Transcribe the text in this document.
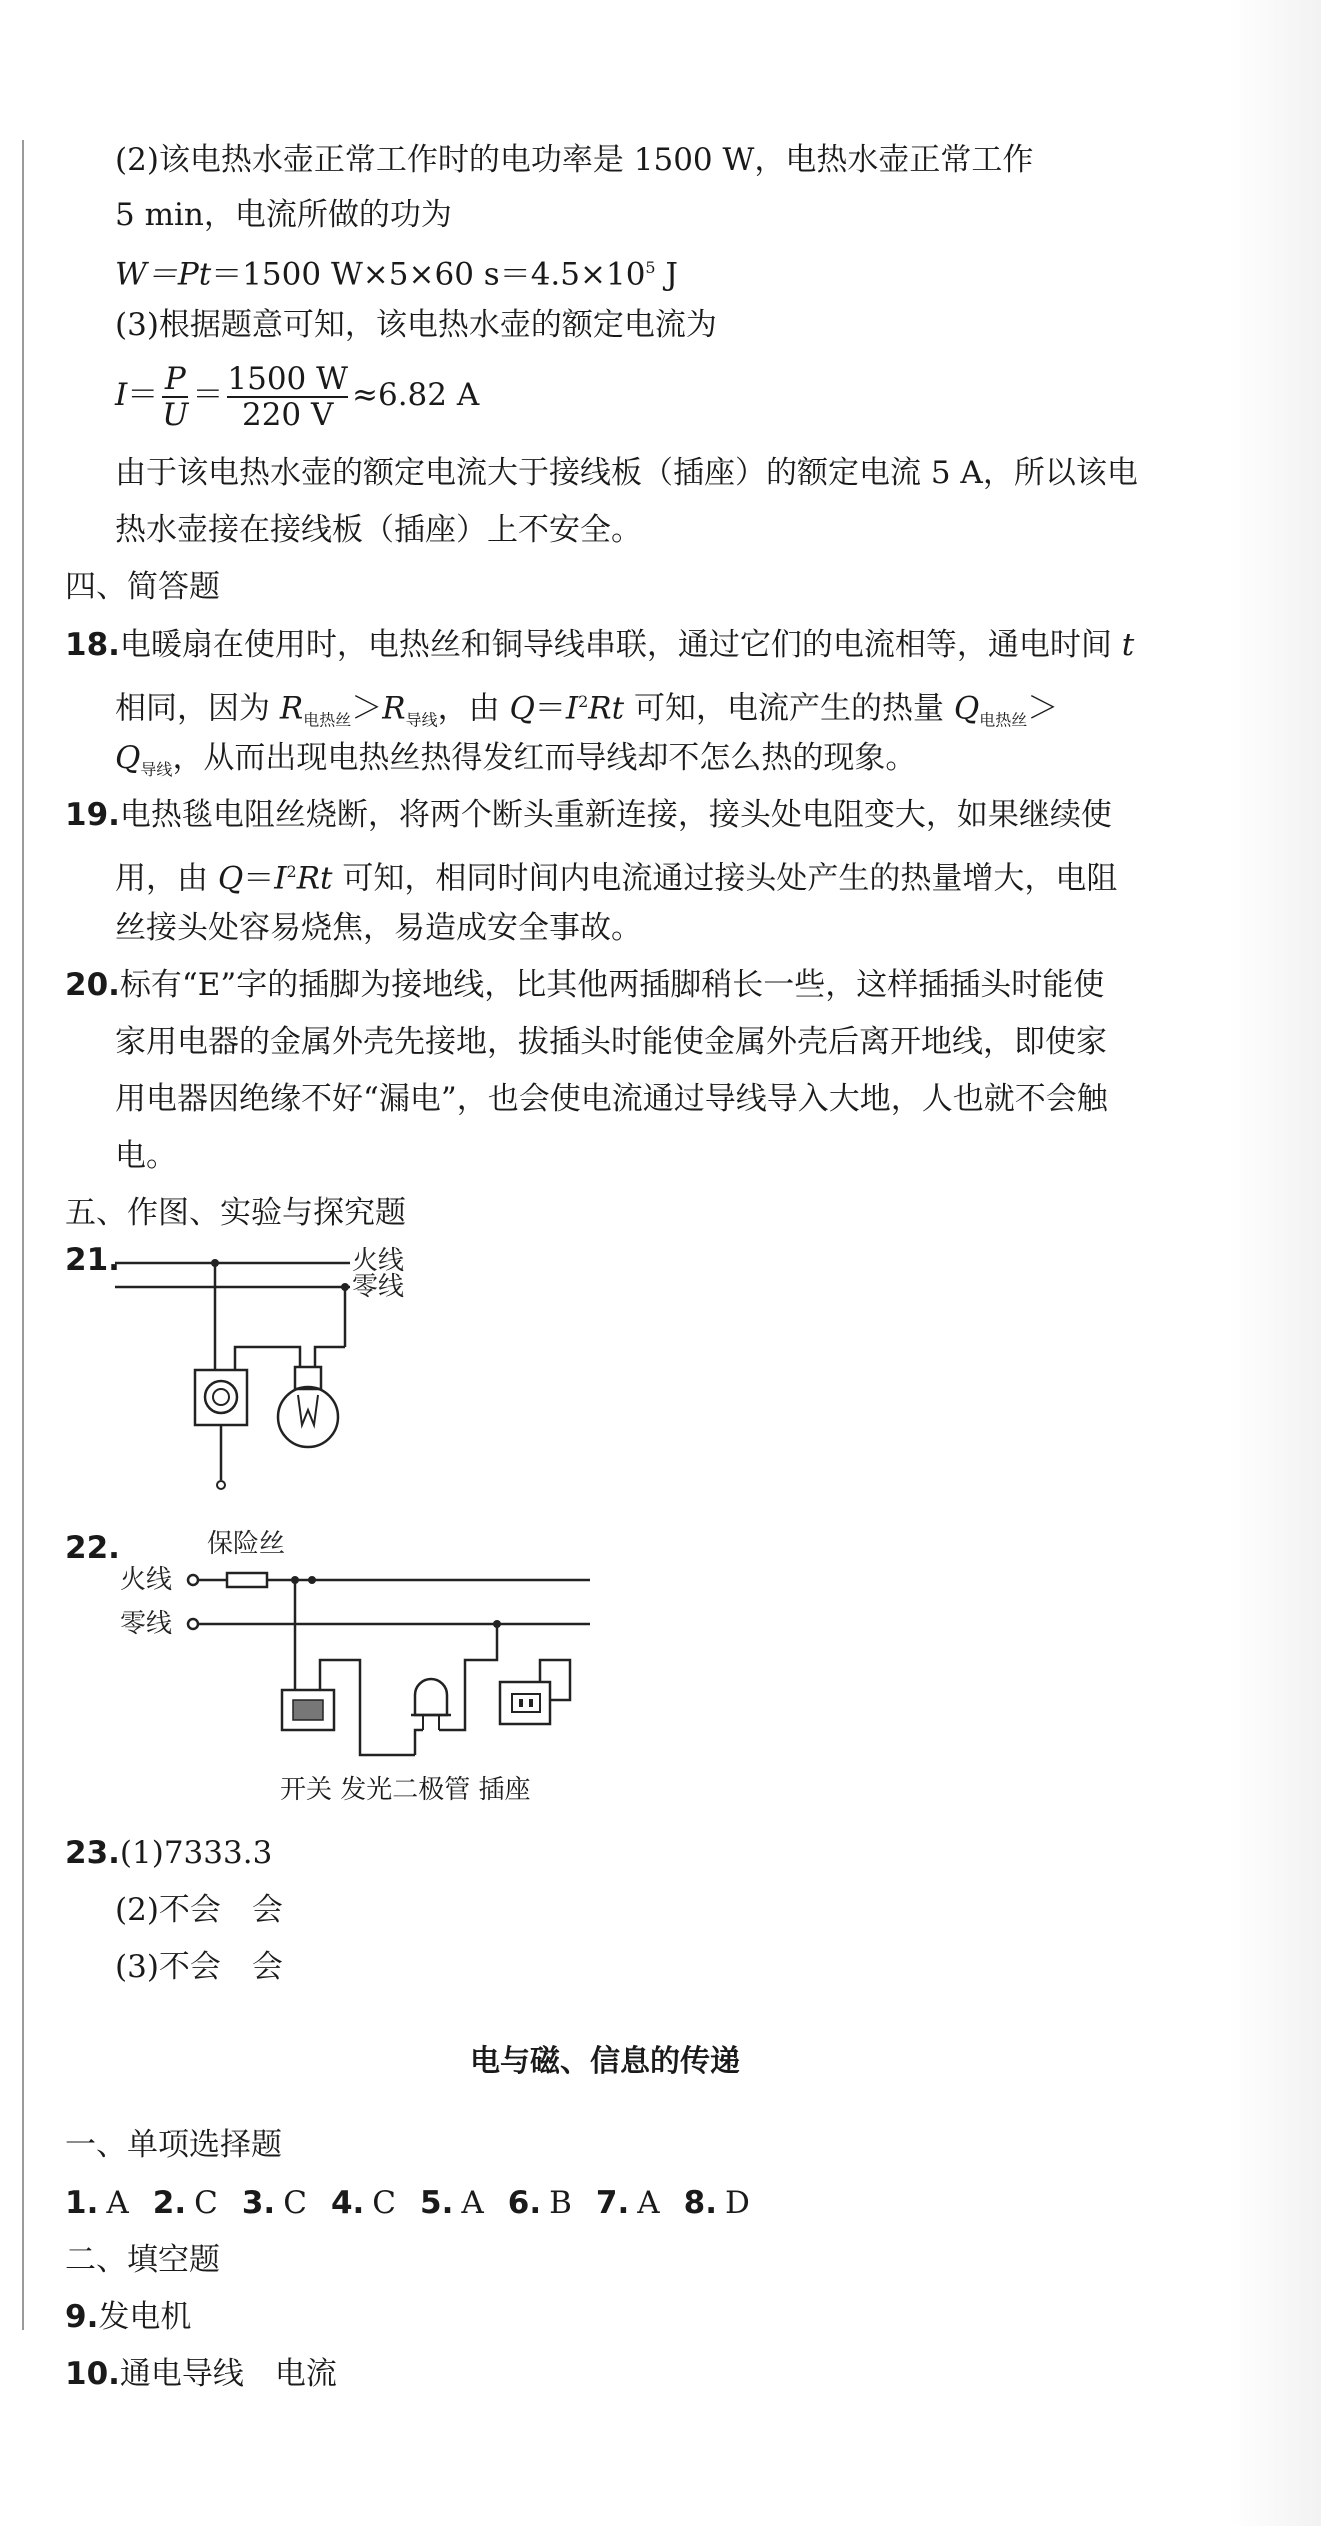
(2)该电热水壶正常工作时的电功率是 1500 W，电热水壶正常工作
5 min，电流所做的功为
W＝Pt＝1500 W×5×60 $s=4.5\times 10^5$ J
(3)根据题意可知，该电热水壶的额定电流为
$I= \frac{P}{U} = \frac{1500 W}{220 V} \approx 6.82$ A
由于该电热水壶的额定电流大于接线板（插座）的额定电流 5 A，所以该电
热水壶接在接线板（插座）上不安全。
四、简答题
18.电暖扇在使用时，电热丝和铜导线串联，通过它们的电流相等，通电时间 t
相同，因为 $R_{电热丝}>R_{导线}$，由 $Q=I^2Rt$ 可知，电流产生的热量 $Q_{电热丝}>$
$Q_{导线}$，从而出现电热丝热得发红而导线却不怎么热的现象。
19.电热毯电阻丝烧断，将两个断头重新连接，接头处电阻变大，如果继续使
用，由 $Q=I^2Rt$ 可知，相同时间内电流通过接头处产生的热量增大，电阻
丝接头处容易烧焦，易造成安全事故。
20.标有“E”字的插脚为接地线，比其他两插脚稍长一些，这样插插头时能使
家用电器的金属外壳先接地，拔插头时能使金属外壳后离开地线，即使家
用电器因绝缘不好“漏电”，也会使电流通过导线导入大地，人也就不会触
电。
五、作图、实验与探究题
21.	火线
零线
22.	保险丝
火线
零线
开关 发光二极管 插座
23.(1)7333.3
(2)不会　会
(3)不会　会
电与磁、信息的传递
一、单项选择题
1. A 2. C 3. C 4. C 5. A 6. B 7. A 8. D
二、填空题
9.发电机
10.通电导线　电流
